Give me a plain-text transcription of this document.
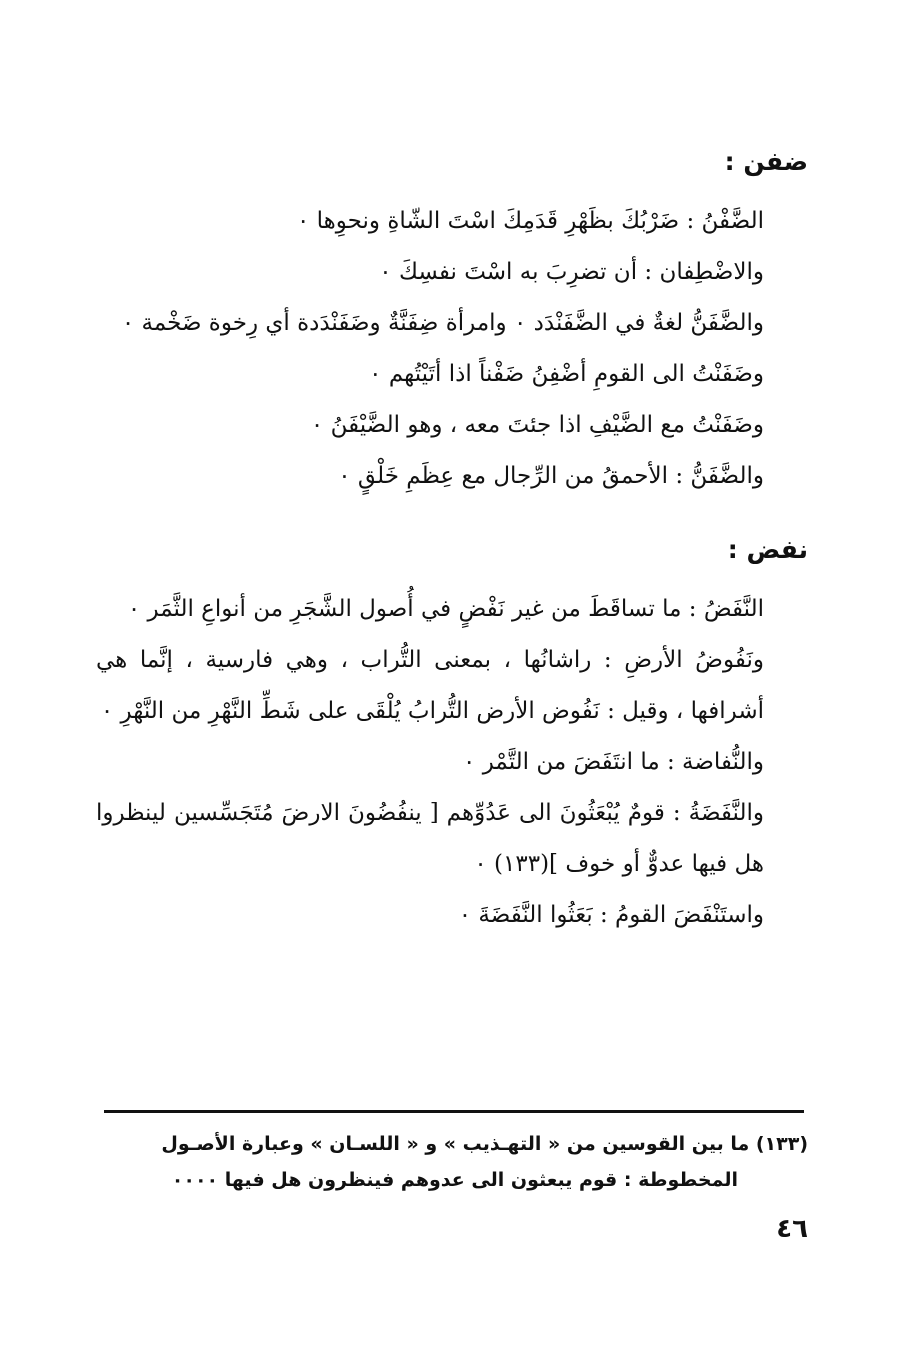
ضفن :

الضَّفْنُ : ضَرْبُكَ بظَهْرِ قَدَمِكَ اسْتَ الشّاةِ ونحوِها ٠

والاضْطِفان : أن تضرِبَ به اسْتَ نفسِكَ ٠

والضَّفَنُّ لغةٌ في الضَّفَنْدَد ٠ وامرأة ضِفَنَّةٌ وضَفَنْدَدة أي رِخوة ضَخْمة ٠

وضَفَنْتُ الى القومِ أضْفِنُ ضَفْناً اذا أتَيْتُهم ٠

وضَفَنْتُ مع الضَّيْفِ اذا جئتَ معه ، وهو الضَّيْفَنُ ٠

والضَّفَنُّ : الأحمقُ من الرِّجال مع عِظَمِ خَلْقٍ ٠

نفض :

النَّفَضُ : ما تساقَطَ من غير نَفْضٍ في أُصول الشَّجَرِ من أنواعِ الثَّمَر ٠

ونَفُوضُ الأرضِ : راشانُها ، بمعنى التُّراب ، وهي فارسية ، إنَّما هي أشرافها ، وقيل : نَفُوض الأرض التُّرابُ يُلْقَى على شَطِّ النَّهْرِ من النَّهْرِ ٠

والنُّفاضة : ما انتَفَضَ من التَّمْر ٠

والنَّفَضَةُ : قومٌ يُبْعَثُونَ الى عَدُوِّهم [ ينفُضُونَ الارضَ مُتَجَسِّسين لينظروا هل فيها عدوٌّ أو خوف ](١٣٣) ٠

واستَنْفَضَ القومُ : بَعَثُوا النَّفَضَةَ ٠

(١٣٣) ما بين القوسين من « التهـذيب » و « اللسـان » وعبارة الأصـول
المخطوطة : قوم يبعثون الى عدوهم فينظرون هل فيها ٠٠٠٠

٤٦
